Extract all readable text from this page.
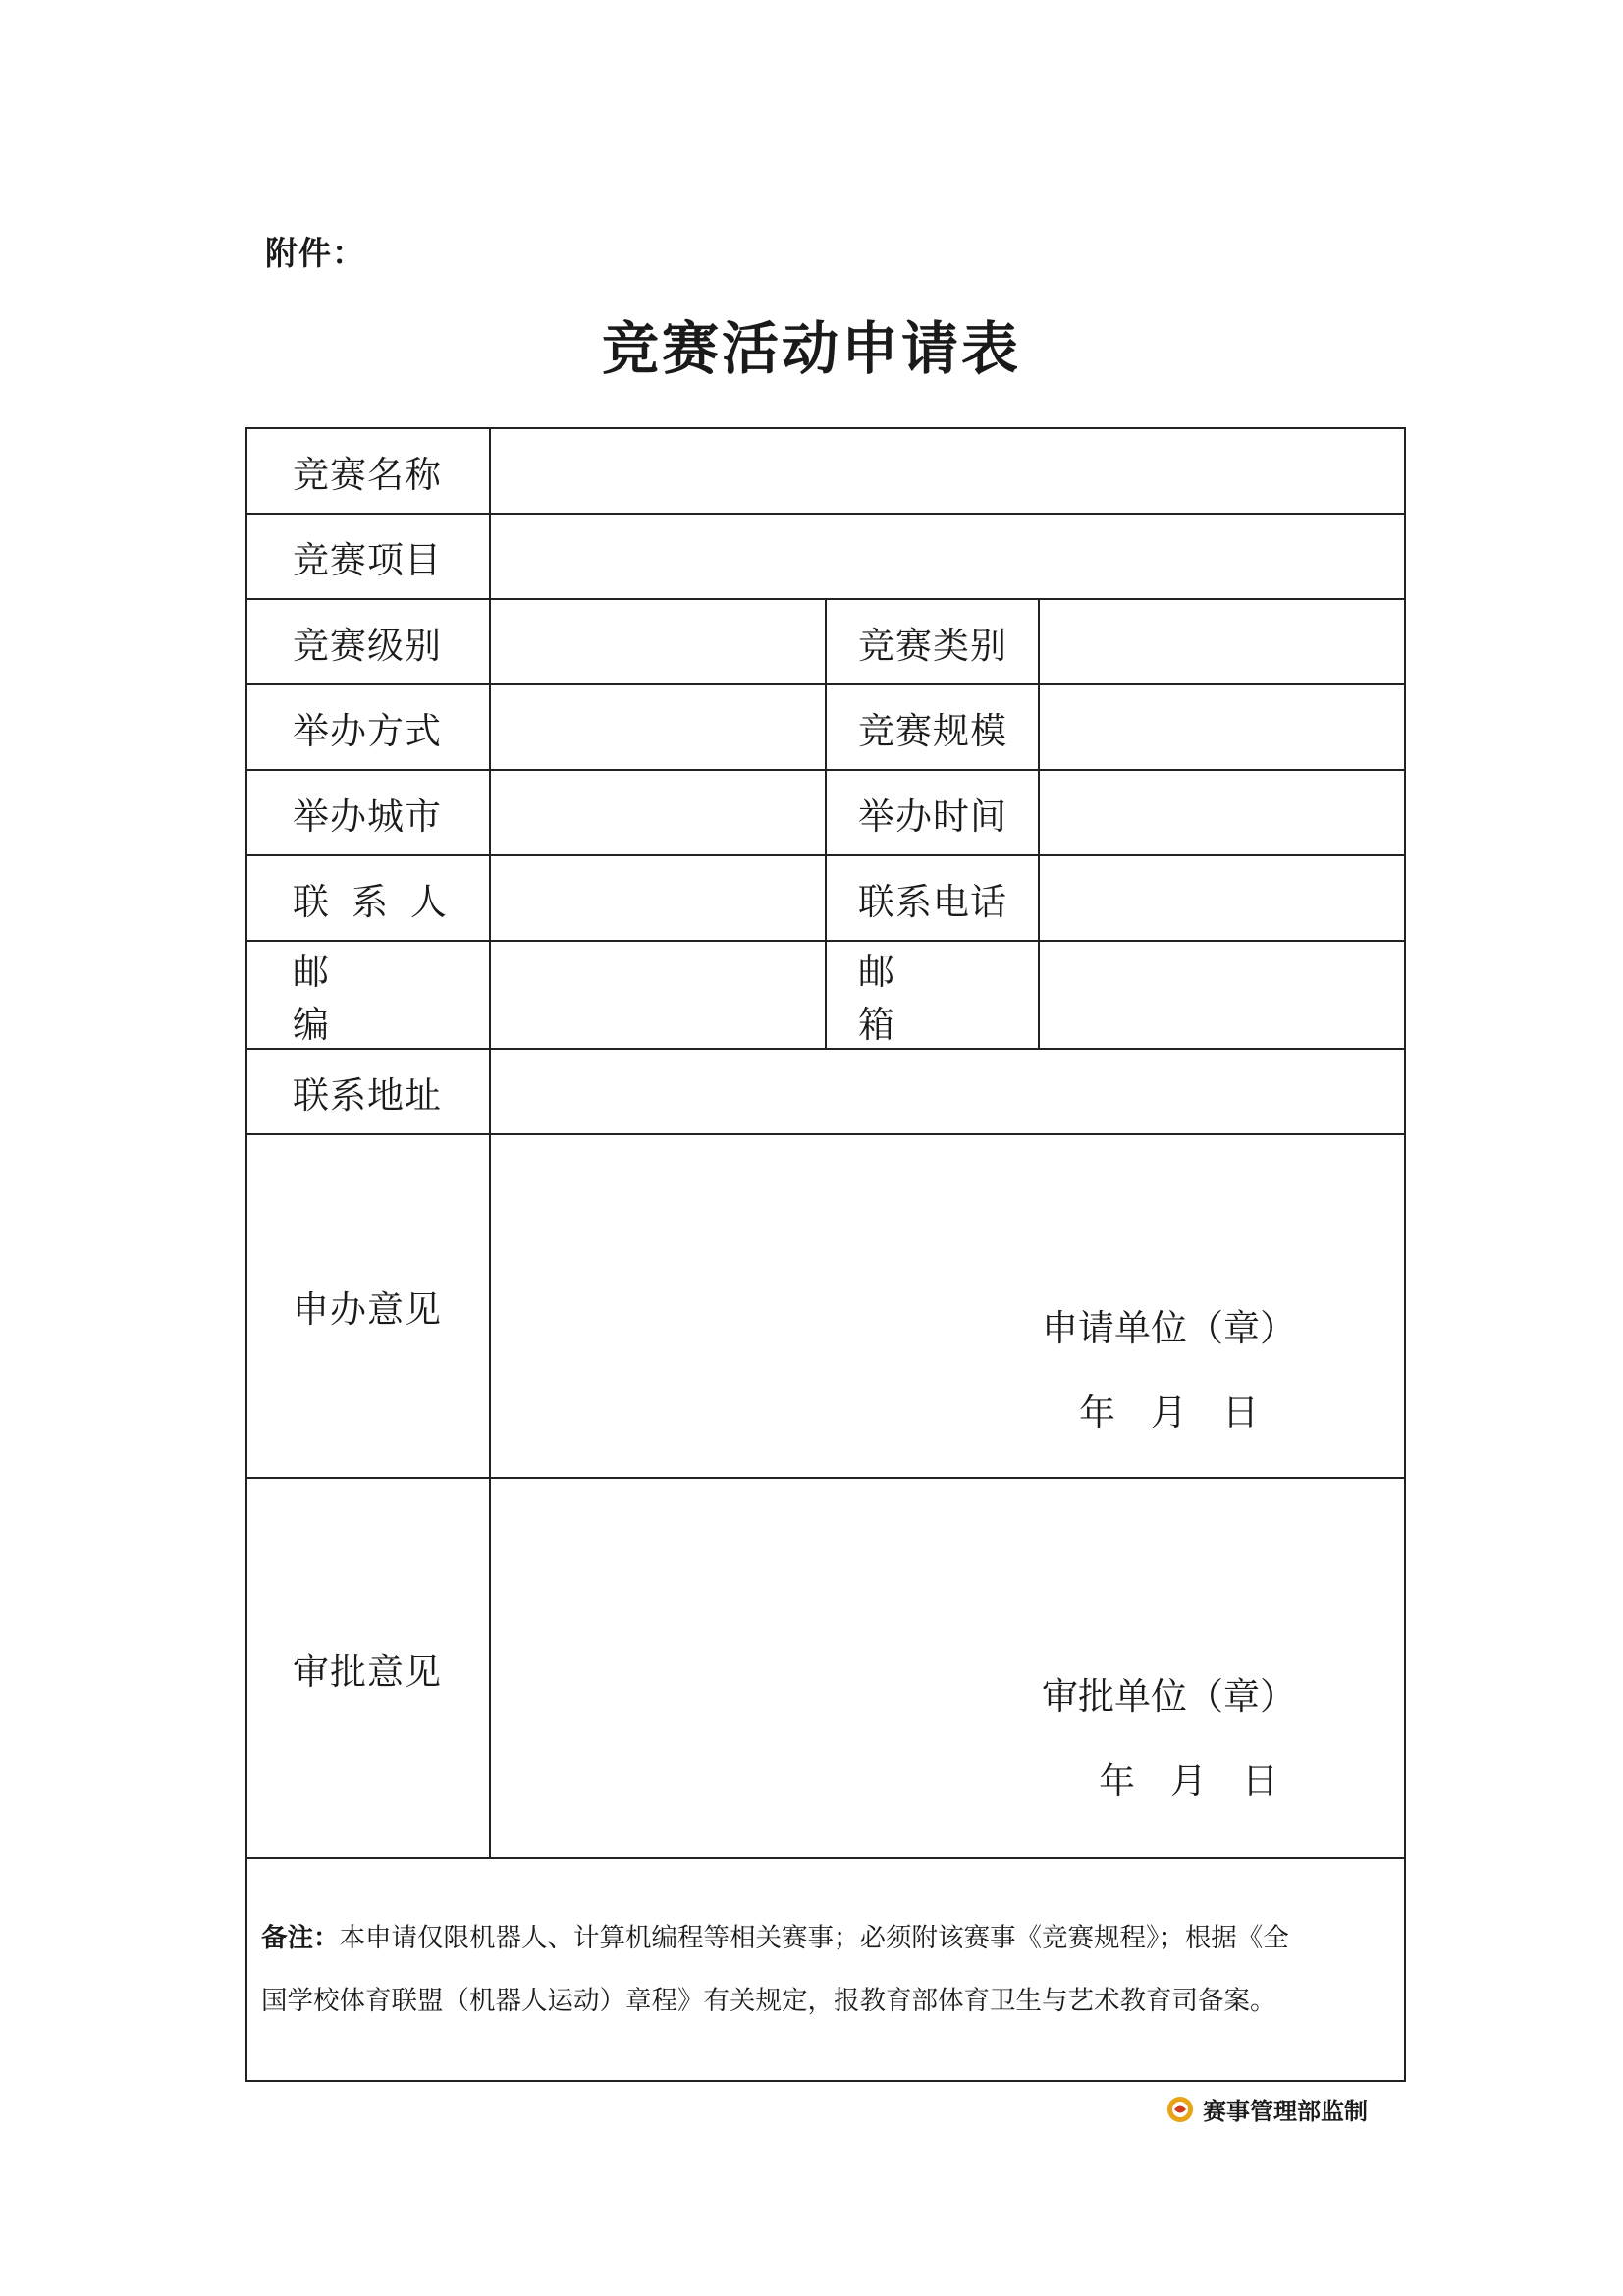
附件：
竞赛活动申请表
竞赛名称			
竞赛项目			
竞赛级别		竞赛类别	
举办方式		竞赛规模	
举办城市		举办时间	
联系人		联系电话	
邮编		邮箱	
联系地址			
申办意见	申请单位（章）
年 月 日		

审批意见	审批单位（章）
年 月 日		

备注：本申请仅限机器人、计算机编程等相关赛事；必须附该赛事《竞赛规程》；根据《全
国学校体育联盟（机器人运动）章程》有关规定，报教育部体育卫生与艺术教育司备案。			
赛事管理部监制
